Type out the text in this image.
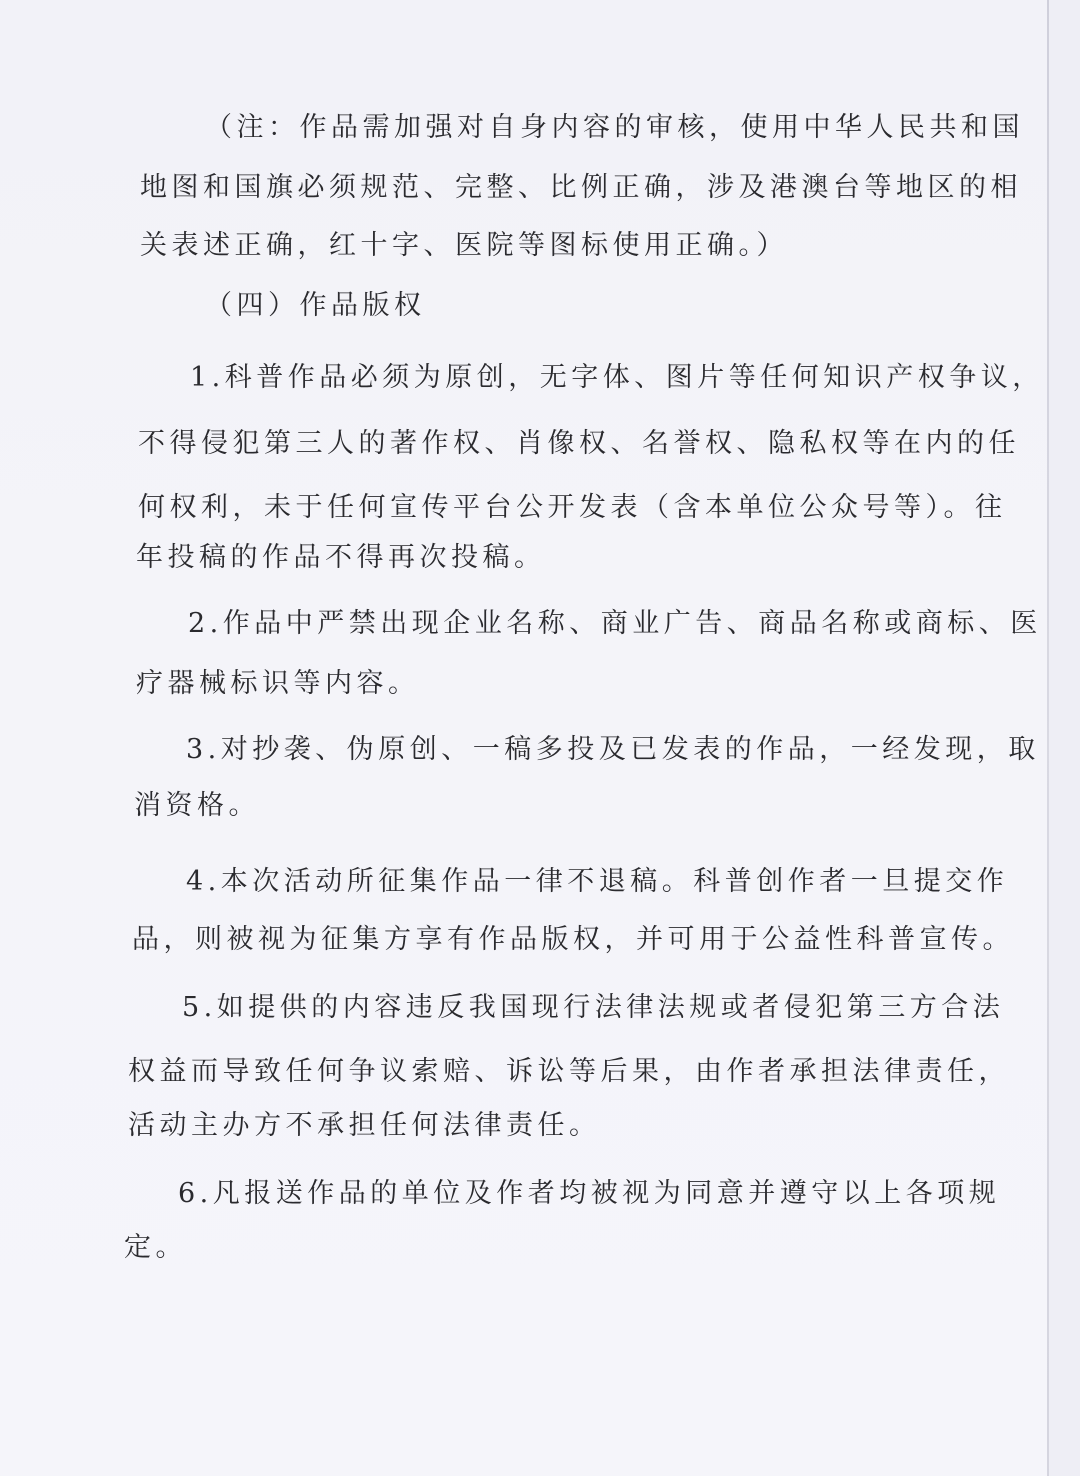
（注：作品需加强对自身内容的审核，使用中华人民共和国

地图和国旗必须规范、完整、比例正确，涉及港澳台等地区的相

关表述正确，红十字、医院等图标使用正确。）

（四）作品版权

1.科普作品必须为原创，无字体、图片等任何知识产权争议，

不得侵犯第三人的著作权、肖像权、名誉权、隐私权等在内的任

何权利，未于任何宣传平台公开发表（含本单位公众号等）。往

年投稿的作品不得再次投稿。

2.作品中严禁出现企业名称、商业广告、商品名称或商标、医

疗器械标识等内容。

3.对抄袭、伪原创、一稿多投及已发表的作品，一经发现，取

消资格。

4.本次活动所征集作品一律不退稿。科普创作者一旦提交作

品，则被视为征集方享有作品版权，并可用于公益性科普宣传。

5.如提供的内容违反我国现行法律法规或者侵犯第三方合法

权益而导致任何争议索赔、诉讼等后果，由作者承担法律责任，

活动主办方不承担任何法律责任。

6.凡报送作品的单位及作者均被视为同意并遵守以上各项规

定。
